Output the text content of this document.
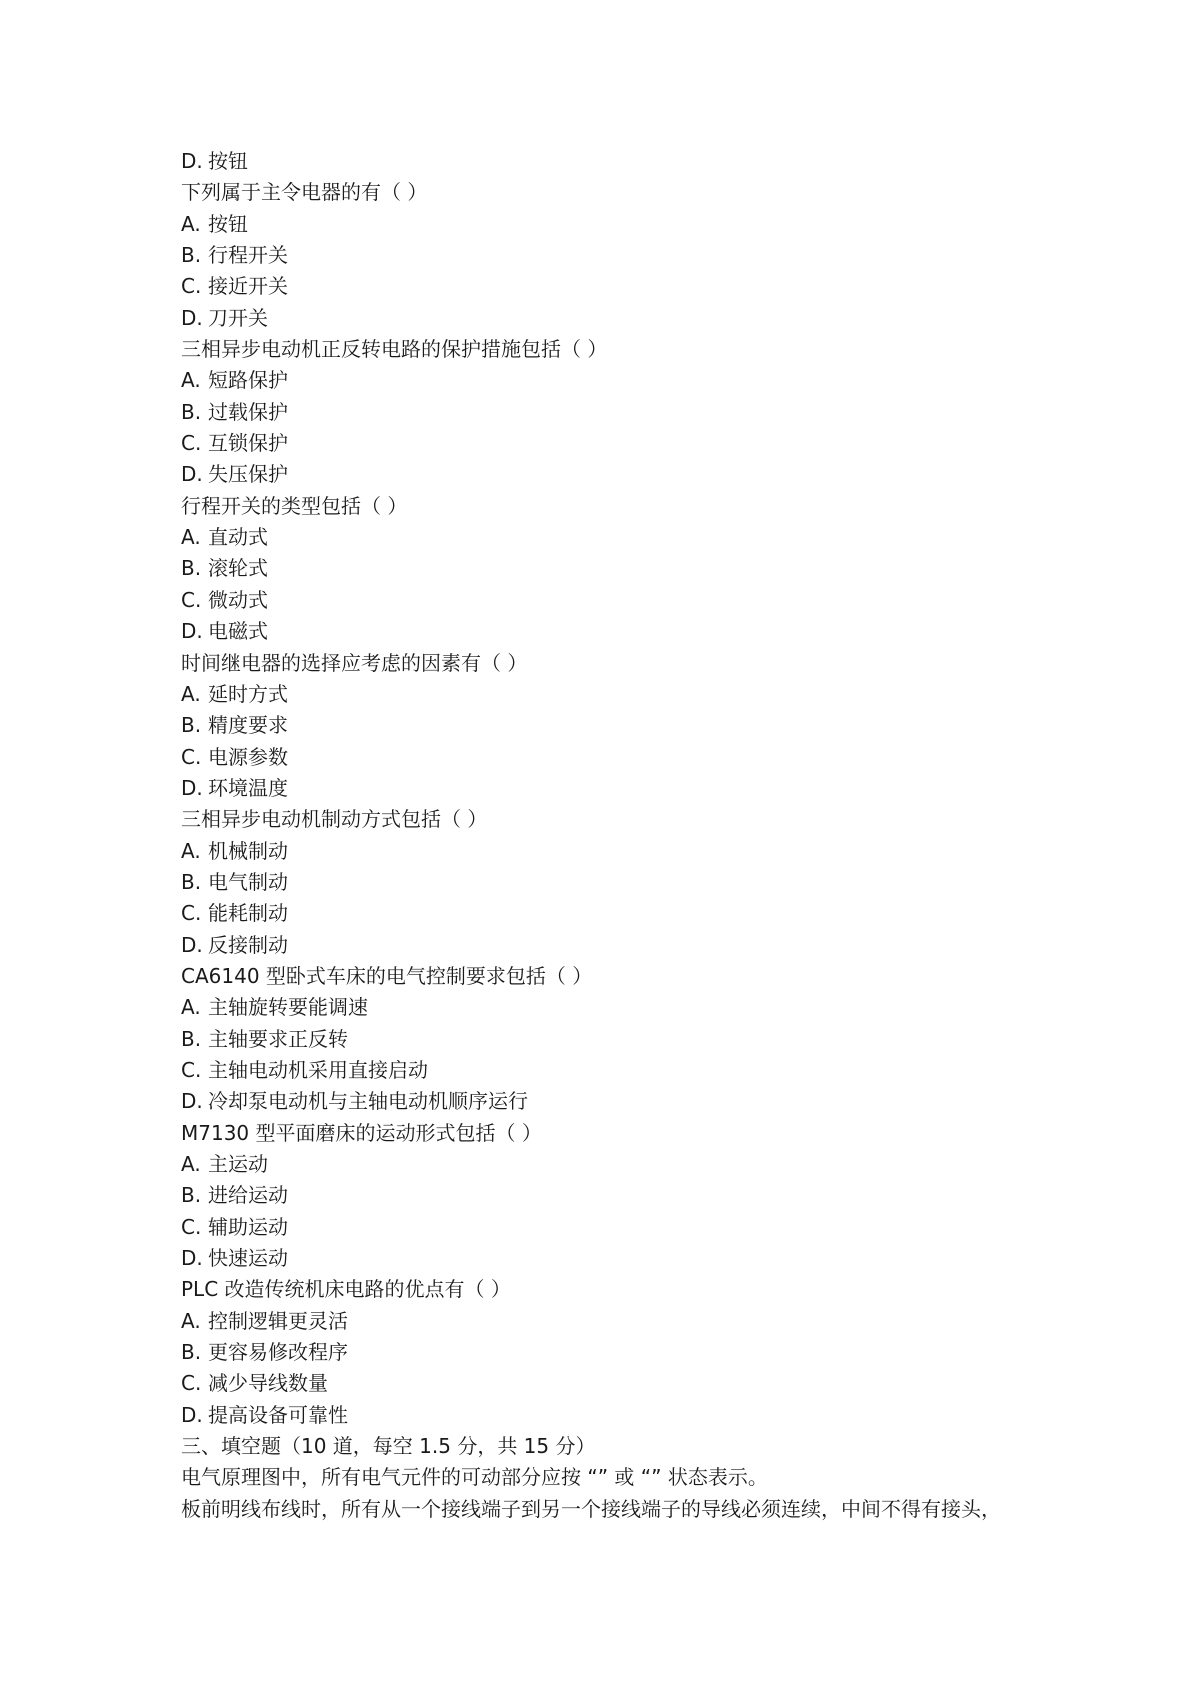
D. 按钮
下列属于主令电器的有（ ）
A. 按钮
B. 行程开关
C. 接近开关
D. 刀开关
三相异步电动机正反转电路的保护措施包括（ ）
A. 短路保护
B. 过载保护
C. 互锁保护
D. 失压保护
行程开关的类型包括（ ）
A. 直动式
B. 滚轮式
C. 微动式
D. 电磁式
时间继电器的选择应考虑的因素有（ ）
A. 延时方式
B. 精度要求
C. 电源参数
D. 环境温度
三相异步电动机制动方式包括（ ）
A. 机械制动
B. 电气制动
C. 能耗制动
D. 反接制动
CA6140 型卧式车床的电气控制要求包括（ ）
A. 主轴旋转要能调速
B. 主轴要求正反转
C. 主轴电动机采用直接启动
D. 冷却泵电动机与主轴电动机顺序运行
M7130 型平面磨床的运动形式包括（ ）
A. 主运动
B. 进给运动
C. 辅助运动
D. 快速运动
PLC 改造传统机床电路的优点有（ ）
A. 控制逻辑更灵活
B. 更容易修改程序
C. 减少导线数量
D. 提高设备可靠性
三、填空题（10 道，每空 1.5 分，共 15 分）
电气原理图中，所有电气元件的可动部分应按 “” 或 “” 状态表示。
板前明线布线时，所有从一个接线端子到另一个接线端子的导线必须连续，中间不得有接头，
